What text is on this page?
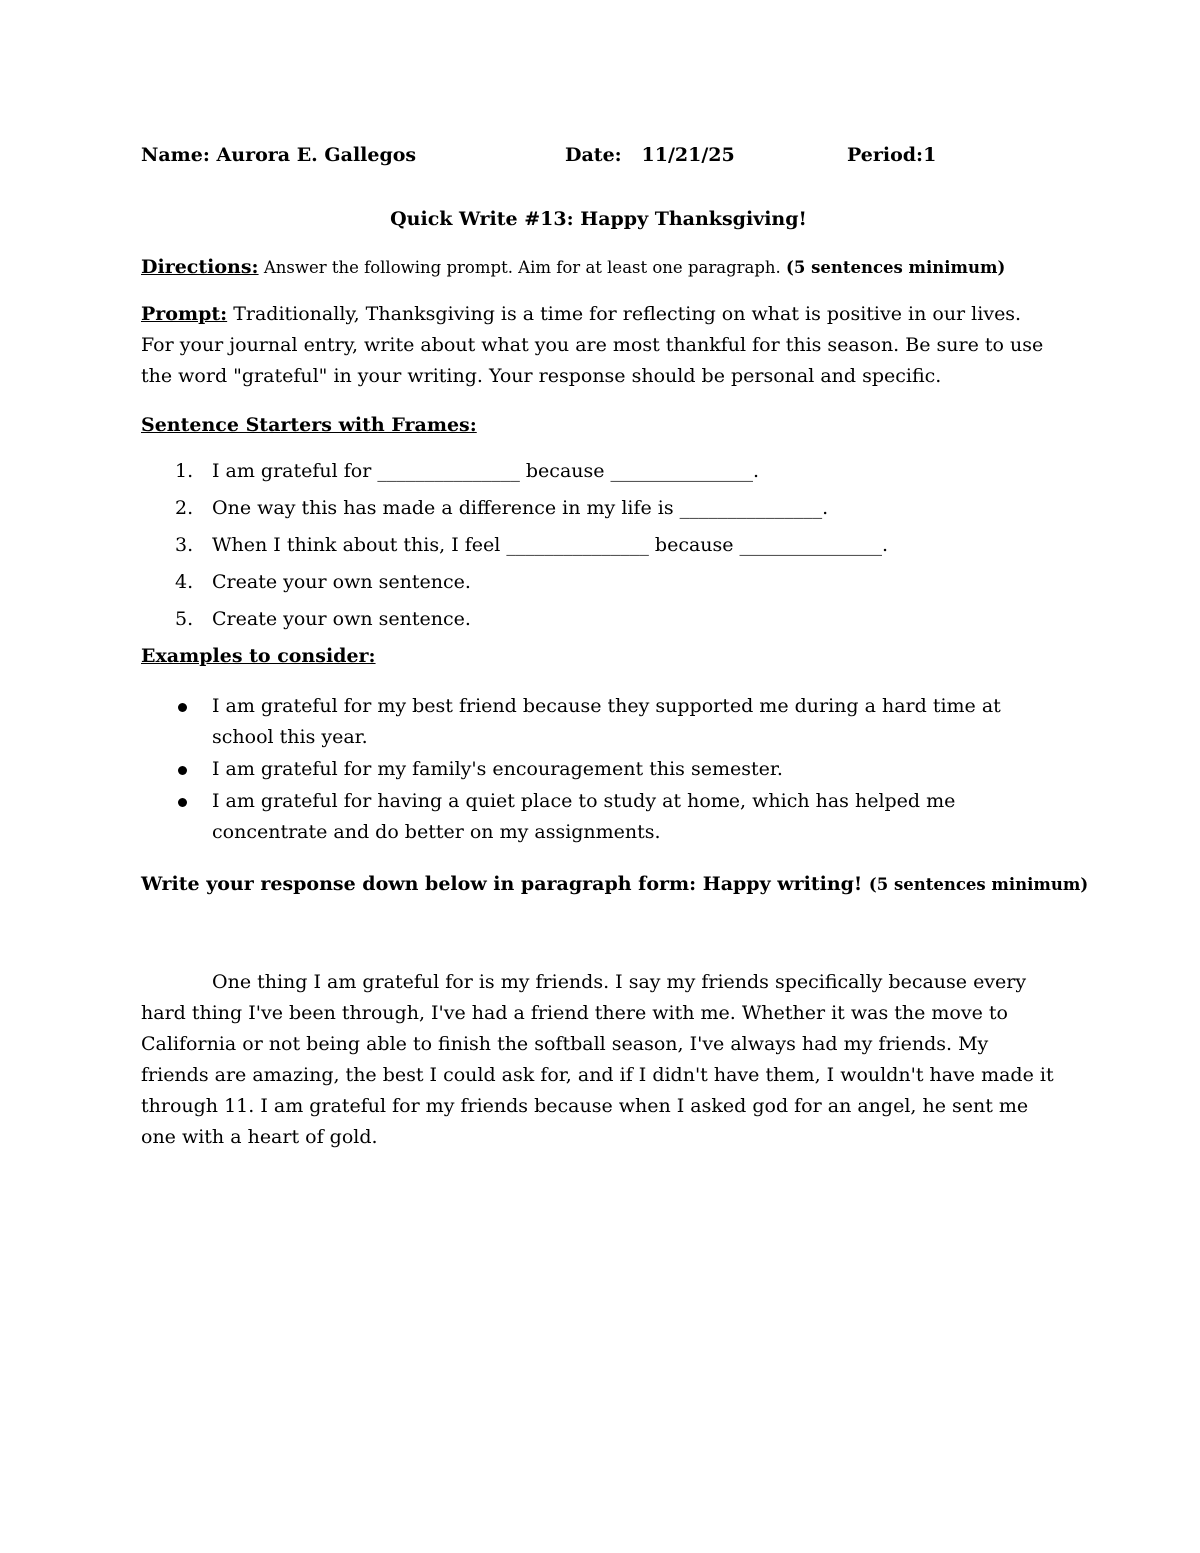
Name: Aurora E. Gallegos	Date: 11/21/25	Period:1
Quick Write #13: Happy Thanksgiving!
Directions: Answer the following prompt. Aim for at least one paragraph. (5 sentences minimum)
Prompt: Traditionally, Thanksgiving is a time for reflecting on what is positive in our lives. For your journal entry, write about what you are most thankful for this season. Be sure to use the word "grateful" in your writing. Your response should be personal and specific.
Sentence Starters with Frames:
1. I am grateful for _______________ because _______________.
2. One way this has made a difference in my life is _______________.
3. When I think about this, I feel _______________ because _______________.
4. Create your own sentence.
5. Create your own sentence.
Examples to consider:
I am grateful for my best friend because they supported me during a hard time at school this year.
I am grateful for my family's encouragement this semester.
I am grateful for having a quiet place to study at home, which has helped me concentrate and do better on my assignments.
Write your response down below in paragraph form: Happy writing! (5 sentences minimum)
One thing I am grateful for is my friends. I say my friends specifically because every hard thing I've been through, I've had a friend there with me. Whether it was the move to California or not being able to finish the softball season, I've always had my friends. My friends are amazing, the best I could ask for, and if I didn't have them, I wouldn't have made it through 11. I am grateful for my friends because when I asked god for an angel, he sent me one with a heart of gold.
